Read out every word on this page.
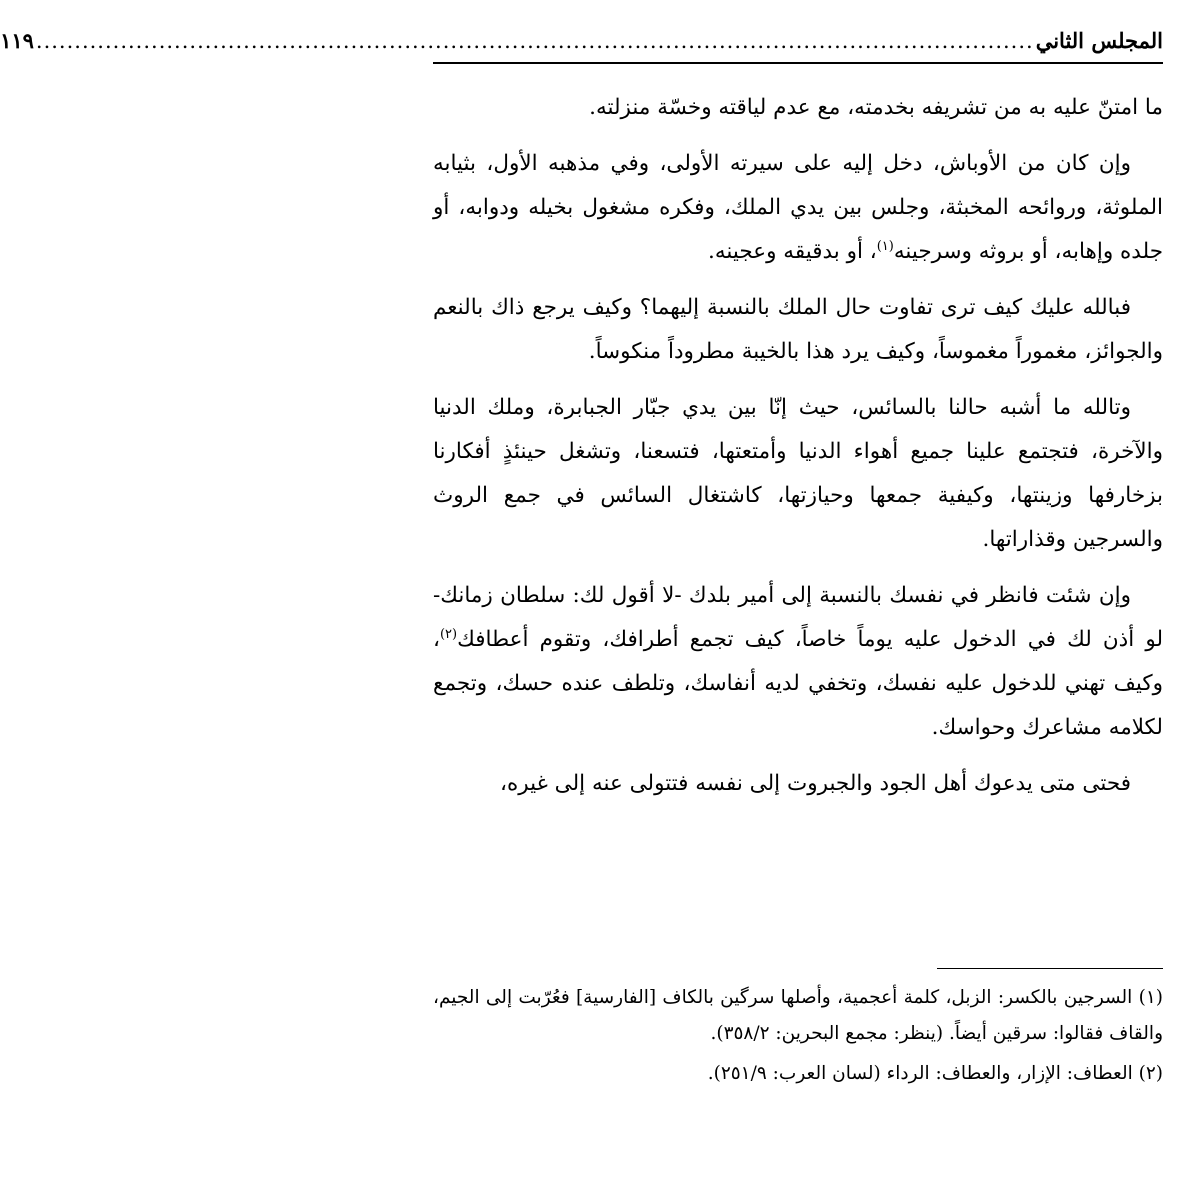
المجلس الثاني
..................................................................................................................................
١١٩

ما امتنّ عليه به من تشريفه بخدمته، مع عدم لياقته وخسّة منزلته.

وإن كان من الأوباش، دخل إليه على سيرته الأولى، وفي مذهبه الأول، بثيابه الملوثة، وروائحه المخبثة، وجلس بين يدي الملك، وفكره مشغول بخيله ودوابه، أو جلده وإهابه، أو بروثه وسرجينه$^{(١)}$، أو بدقيقه وعجينه.

فبالله عليك كيف ترى تفاوت حال الملك بالنسبة إليهما؟ وكيف يرجع ذاك بالنعم والجوائز، مغموراً مغموساً، وكيف يرد هذا بالخيبة مطروداً منكوساً.

وتالله ما أشبه حالنا بالسائس، حيث إنّا بين يدي جبّار الجبابرة، وملك الدنيا والآخرة، فتجتمع علينا جميع أهواء الدنيا وأمتعتها، فتسعنا، وتشغل حينئذٍ أفكارنا بزخارفها وزينتها، وكيفية جمعها وحيازتها، كاشتغال السائس في جمع الروث والسرجين وقذاراتها.

وإن شئت فانظر في نفسك بالنسبة إلى أمير بلدك -لا أقول لك: سلطان زمانك- لو أذن لك في الدخول عليه يوماً خاصاً، كيف تجمع أطرافك، وتقوم أعطافك$^{(٢)}$، وكيف تهني للدخول عليه نفسك، وتخفي لديه أنفاسك، وتلطف عنده حسك، وتجمع لكلامه مشاعرك وحواسك.

فحتى متى يدعوك أهل الجود والجبروت إلى نفسه فتتولى عنه إلى غيره،

(١) السرجين بالكسر: الزبل، كلمة أعجمية، وأصلها سرگين بالكاف [الفارسية] فعُرّبت إلى الجيم، والقاف فقالوا: سرقين أيضاً. (ينظر: مجمع البحرين: ٣٥٨/٢).

(٢) العطاف: الإزار، والعطاف: الرداء (لسان العرب: ٢٥١/٩).
